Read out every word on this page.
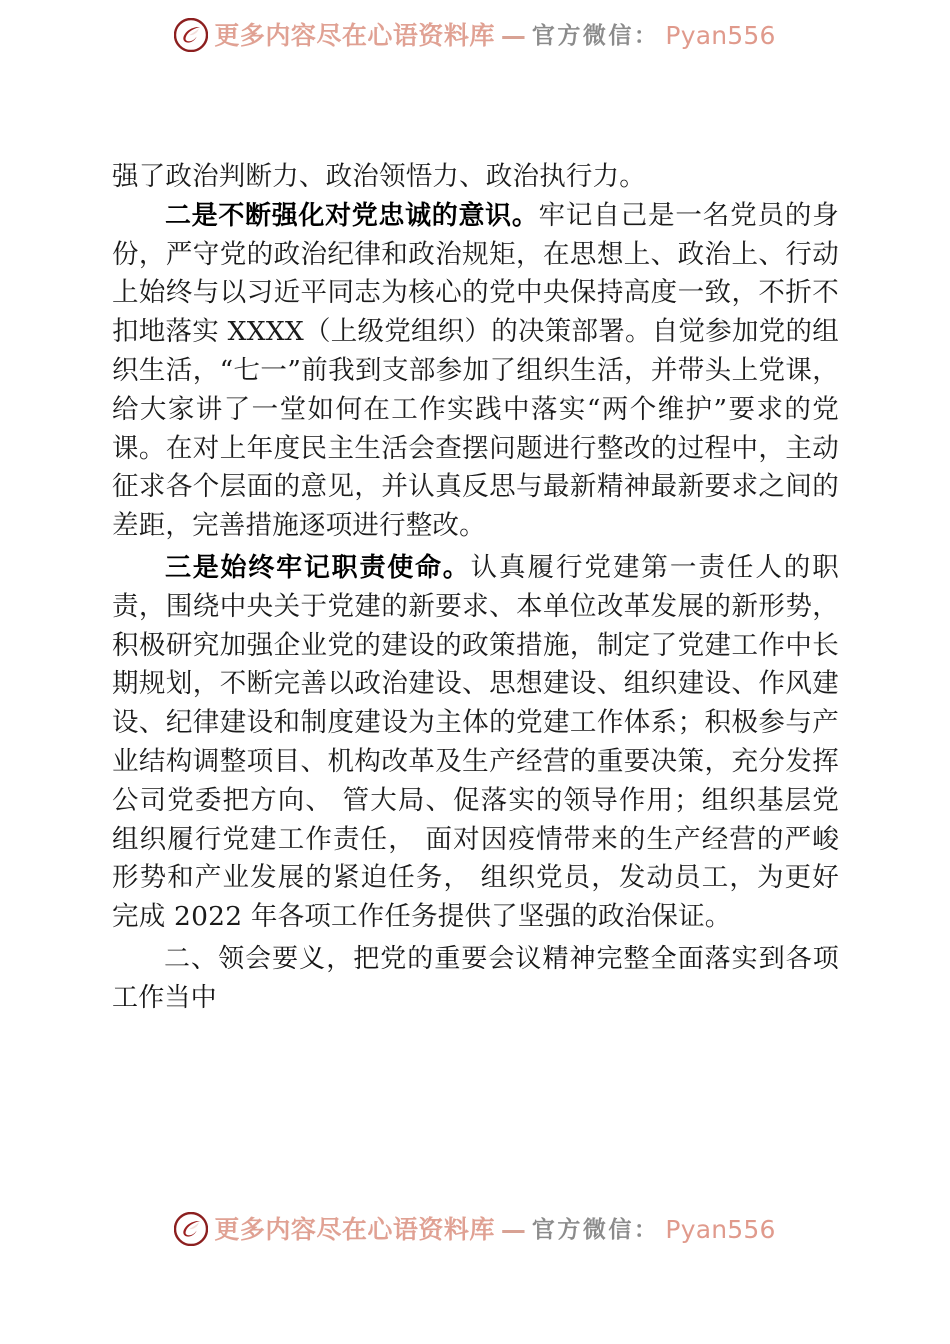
更多内容尽在心语资料库 — 官方微信： Pyan556

强了政治判断力、政治领悟力、政治执行力。

二是不断强化对党忠诚的意识。牢记自己是一名党员的身份，严守党的政治纪律和政治规矩，在思想上、政治上、行动上始终与以习近平同志为核心的党中央保持高度一致，不折不扣地落实 XXXX（上级党组织）的决策部署。自觉参加党的组织生活，“七一”前我到支部参加了组织生活，并带头上党课，给大家讲了一堂如何在工作实践中落实“两个维护”要求的党课。在对上年度民主生活会查摆问题进行整改的过程中，主动征求各个层面的意见，并认真反思与最新精神最新要求之间的差距，完善措施逐项进行整改。

三是始终牢记职责使命。认真履行党建第一责任人的职责，围绕中央关于党建的新要求、本单位改革发展的新形势，积极研究加强企业党的建设的政策措施，制定了党建工作中长期规划，不断完善以政治建设、思想建设、组织建设、作风建设、纪律建设和制度建设为主体的党建工作体系；积极参与产业结构调整项目、机构改革及生产经营的重要决策，充分发挥公司党委把方向、 管大局、促落实的领导作用；组织基层党组织履行党建工作责任， 面对因疫情带来的生产经营的严峻形势和产业发展的紧迫任务， 组织党员，发动员工，为更好完成 2022 年各项工作任务提供了坚强的政治保证。

二、领会要义，把党的重要会议精神完整全面落实到各项工作当中

更多内容尽在心语资料库 — 官方微信： Pyan556
